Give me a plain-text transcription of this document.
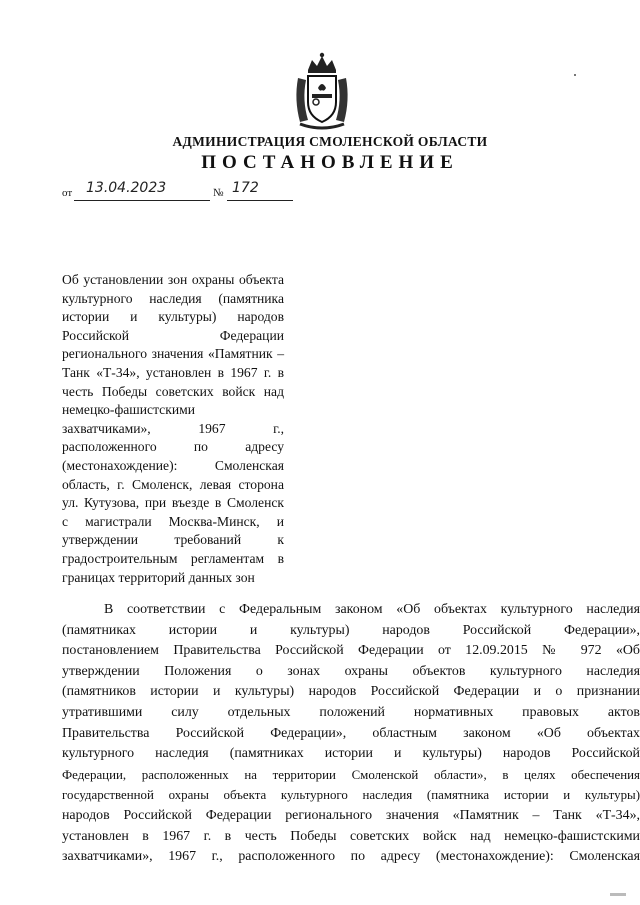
АДМИНИСТРАЦИЯ СМОЛЕНСКОЙ ОБЛАСТИ
ПОСТАНОВЛЕНИЕ
от 13.04.2023	№ 172
Об установлении зон охраны объекта
культурного наследия (памятника
истории и культуры) народов
Российской Федерации
регионального значения «Памятник –
Танк «Т-34», установлен в 1967 г. в
честь Победы советских войск над
немецко-фашистскими
захватчиками», 1967 г.,
расположенного по адресу
(местонахождение): Смоленская
область, г. Смоленск, левая сторона
ул. Кутузова, при въезде в Смоленск
с магистрали Москва-Минск, и
утверждении требований к
градостроительным регламентам в
границах территорий данных зон
В соответствии с Федеральным законом «Об объектах культурного наследия
(памятниках истории и культуры) народов Российской Федерации»,
постановлением Правительства Российской Федерации от 12.09.2015 № 972 «Об
утверждении Положения о зонах охраны объектов культурного наследия
(памятников истории и культуры) народов Российской Федерации и о признании
утратившими силу отдельных положений нормативных правовых актов
Правительства Российской Федерации», областным законом «Об объектах
культурного наследия (памятниках истории и культуры) народов Российской
Федерации, расположенных на территории Смоленской области», в целях обеспечения
государственной охраны объекта культурного наследия (памятника истории и культуры)
народов Российской Федерации регионального значения «Памятник – Танк «Т-34»,
установлен в 1967 г. в честь Победы советских войск над немецко-фашистскими
захватчиками», 1967 г., расположенного по адресу (местонахождение): Смоленская
